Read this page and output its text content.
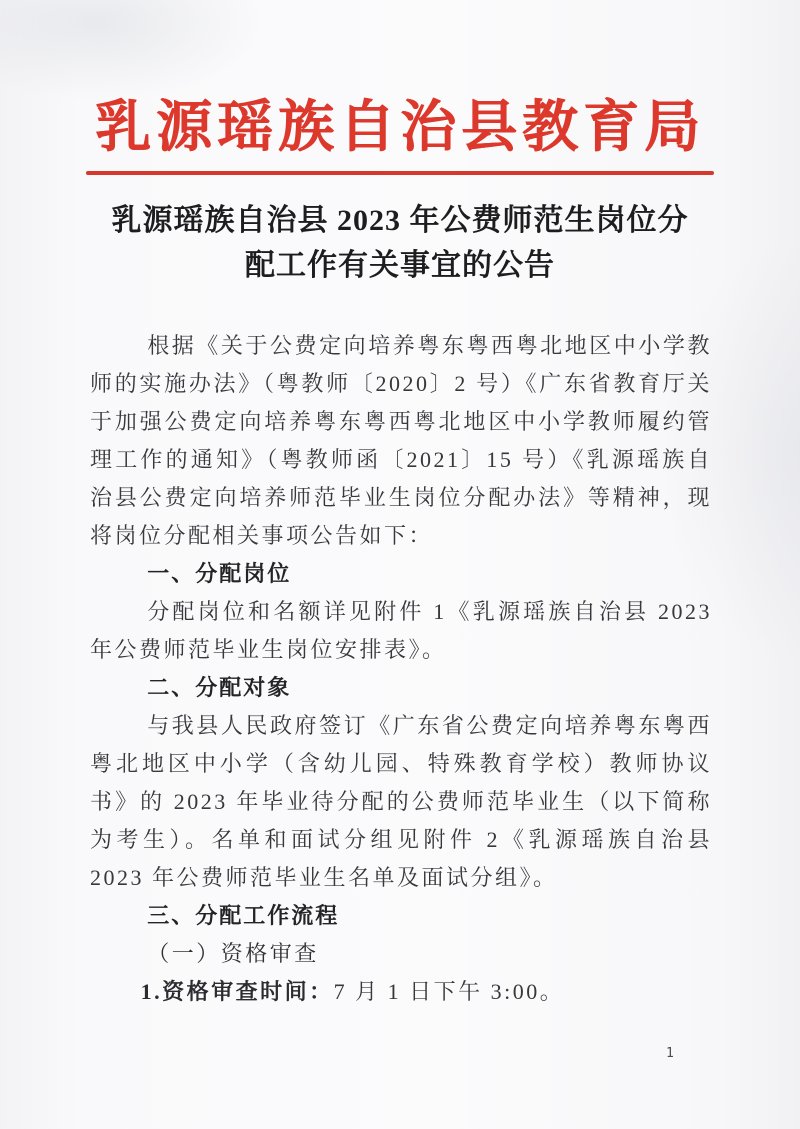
乳源瑶族自治县教育局
乳源瑶族自治县 2023 年公费师范生岗位分
配工作有关事宜的公告

根据《关于公费定向培养粤东粤西粤北地区中小学教师的实施办法》（粤教师〔2020〕2 号）《广东省教育厅关于加强公费定向培养粤东粤西粤北地区中小学教师履约管理工作的通知》（粤教师函〔2021〕15 号）《乳源瑶族自治县公费定向培养师范毕业生岗位分配办法》等精神，现将岗位分配相关事项公告如下：

一、分配岗位

分配岗位和名额详见附件 1《乳源瑶族自治县 2023 年公费师范毕业生岗位安排表》。

二、分配对象

与我县人民政府签订《广东省公费定向培养粤东粤西粤北地区中小学（含幼儿园、特殊教育学校）教师协议书》的 2023 年毕业待分配的公费师范毕业生（以下简称为考生）。名单和面试分组见附件 2《乳源瑶族自治县 2023 年公费师范毕业生名单及面试分组》。

三、分配工作流程

（一）资格审查

1.资格审查时间：7 月 1 日下午 3:00。

1
